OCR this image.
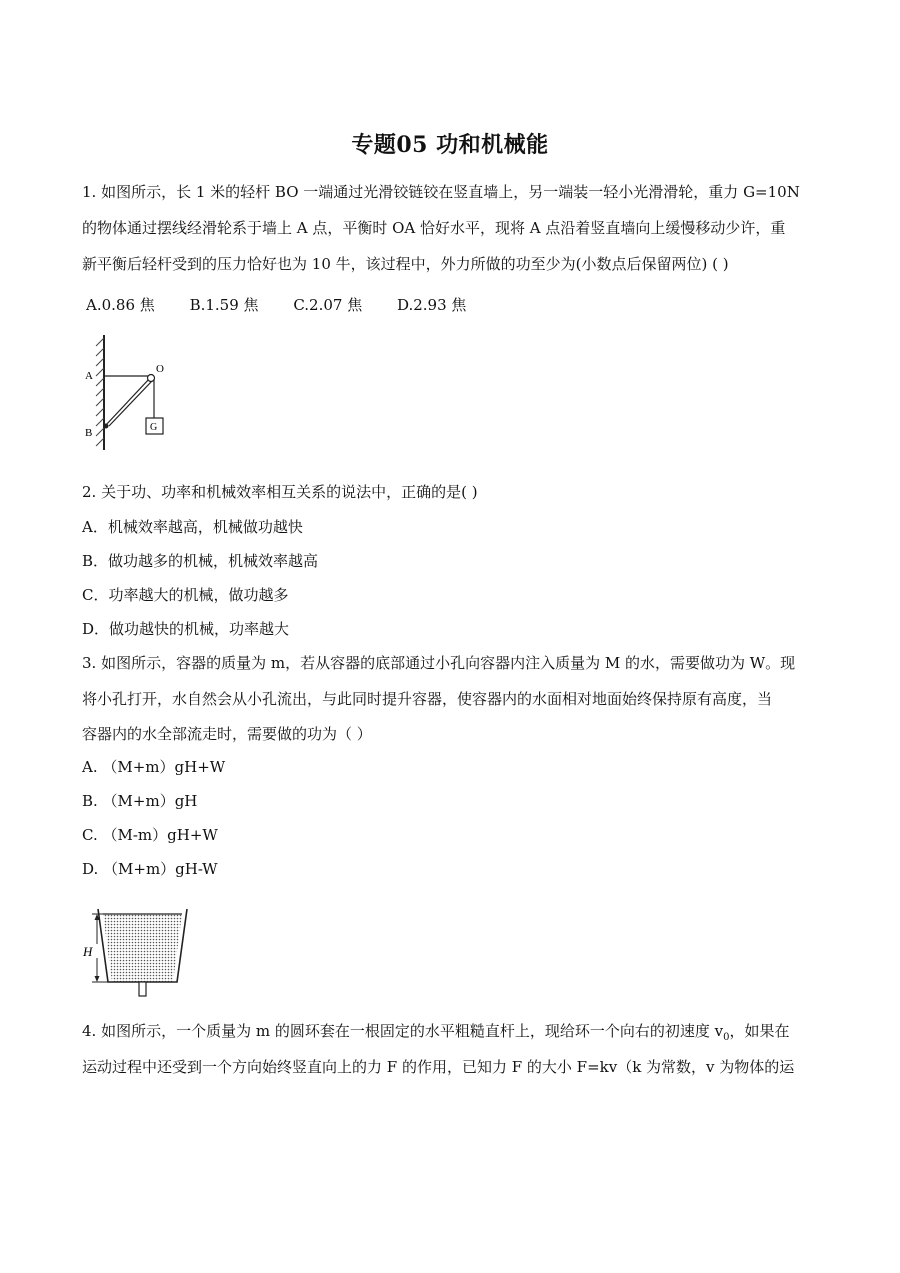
专题05 功和机械能
1. 如图所示，长 1 米的轻杆 BO 一端通过光滑铰链铰在竖直墙上，另一端装一轻小光滑滑轮，重力 G=10N
的物体通过摆线经滑轮系于墙上 A 点，平衡时 OA 恰好水平，现将 A 点沿着竖直墙向上缓慢移动少许，重
新平衡后轻杆受到的压力恰好也为 10 牛，该过程中，外力所做的功至少为(小数点后保留两位) ( )
A.0.86 焦 B.1.59 焦 C.2.07 焦 D.2.93 焦
A
O
B	G
2. 关于功、功率和机械效率相互关系的说法中，正确的是( )
A．机械效率越高，机械做功越快
B．做功越多的机械，机械效率越高
C．功率越大的机械，做功越多
D．做功越快的机械，功率越大
3. 如图所示，容器的质量为 m，若从容器的底部通过小孔向容器内注入质量为 M 的水，需要做功为 W。现
将小孔打开，水自然会从小孔流出，与此同时提升容器，使容器内的水面相对地面始终保持原有高度，当
容器内的水全部流走时，需要做的功为（ ）
A. （M+m）gH+W
B. （M+m）gH
C. （M-m）gH+W
D. （M+m）gH-W
H
4. 如图所示，一个质量为 m 的圆环套在一根固定的水平粗糙直杆上，现给环一个向右的初速度 $v_0$，如果在
运动过程中还受到一个方向始终竖直向上的力 F 的作用，已知力 F 的大小 F=kv（k 为常数，v 为物体的运
